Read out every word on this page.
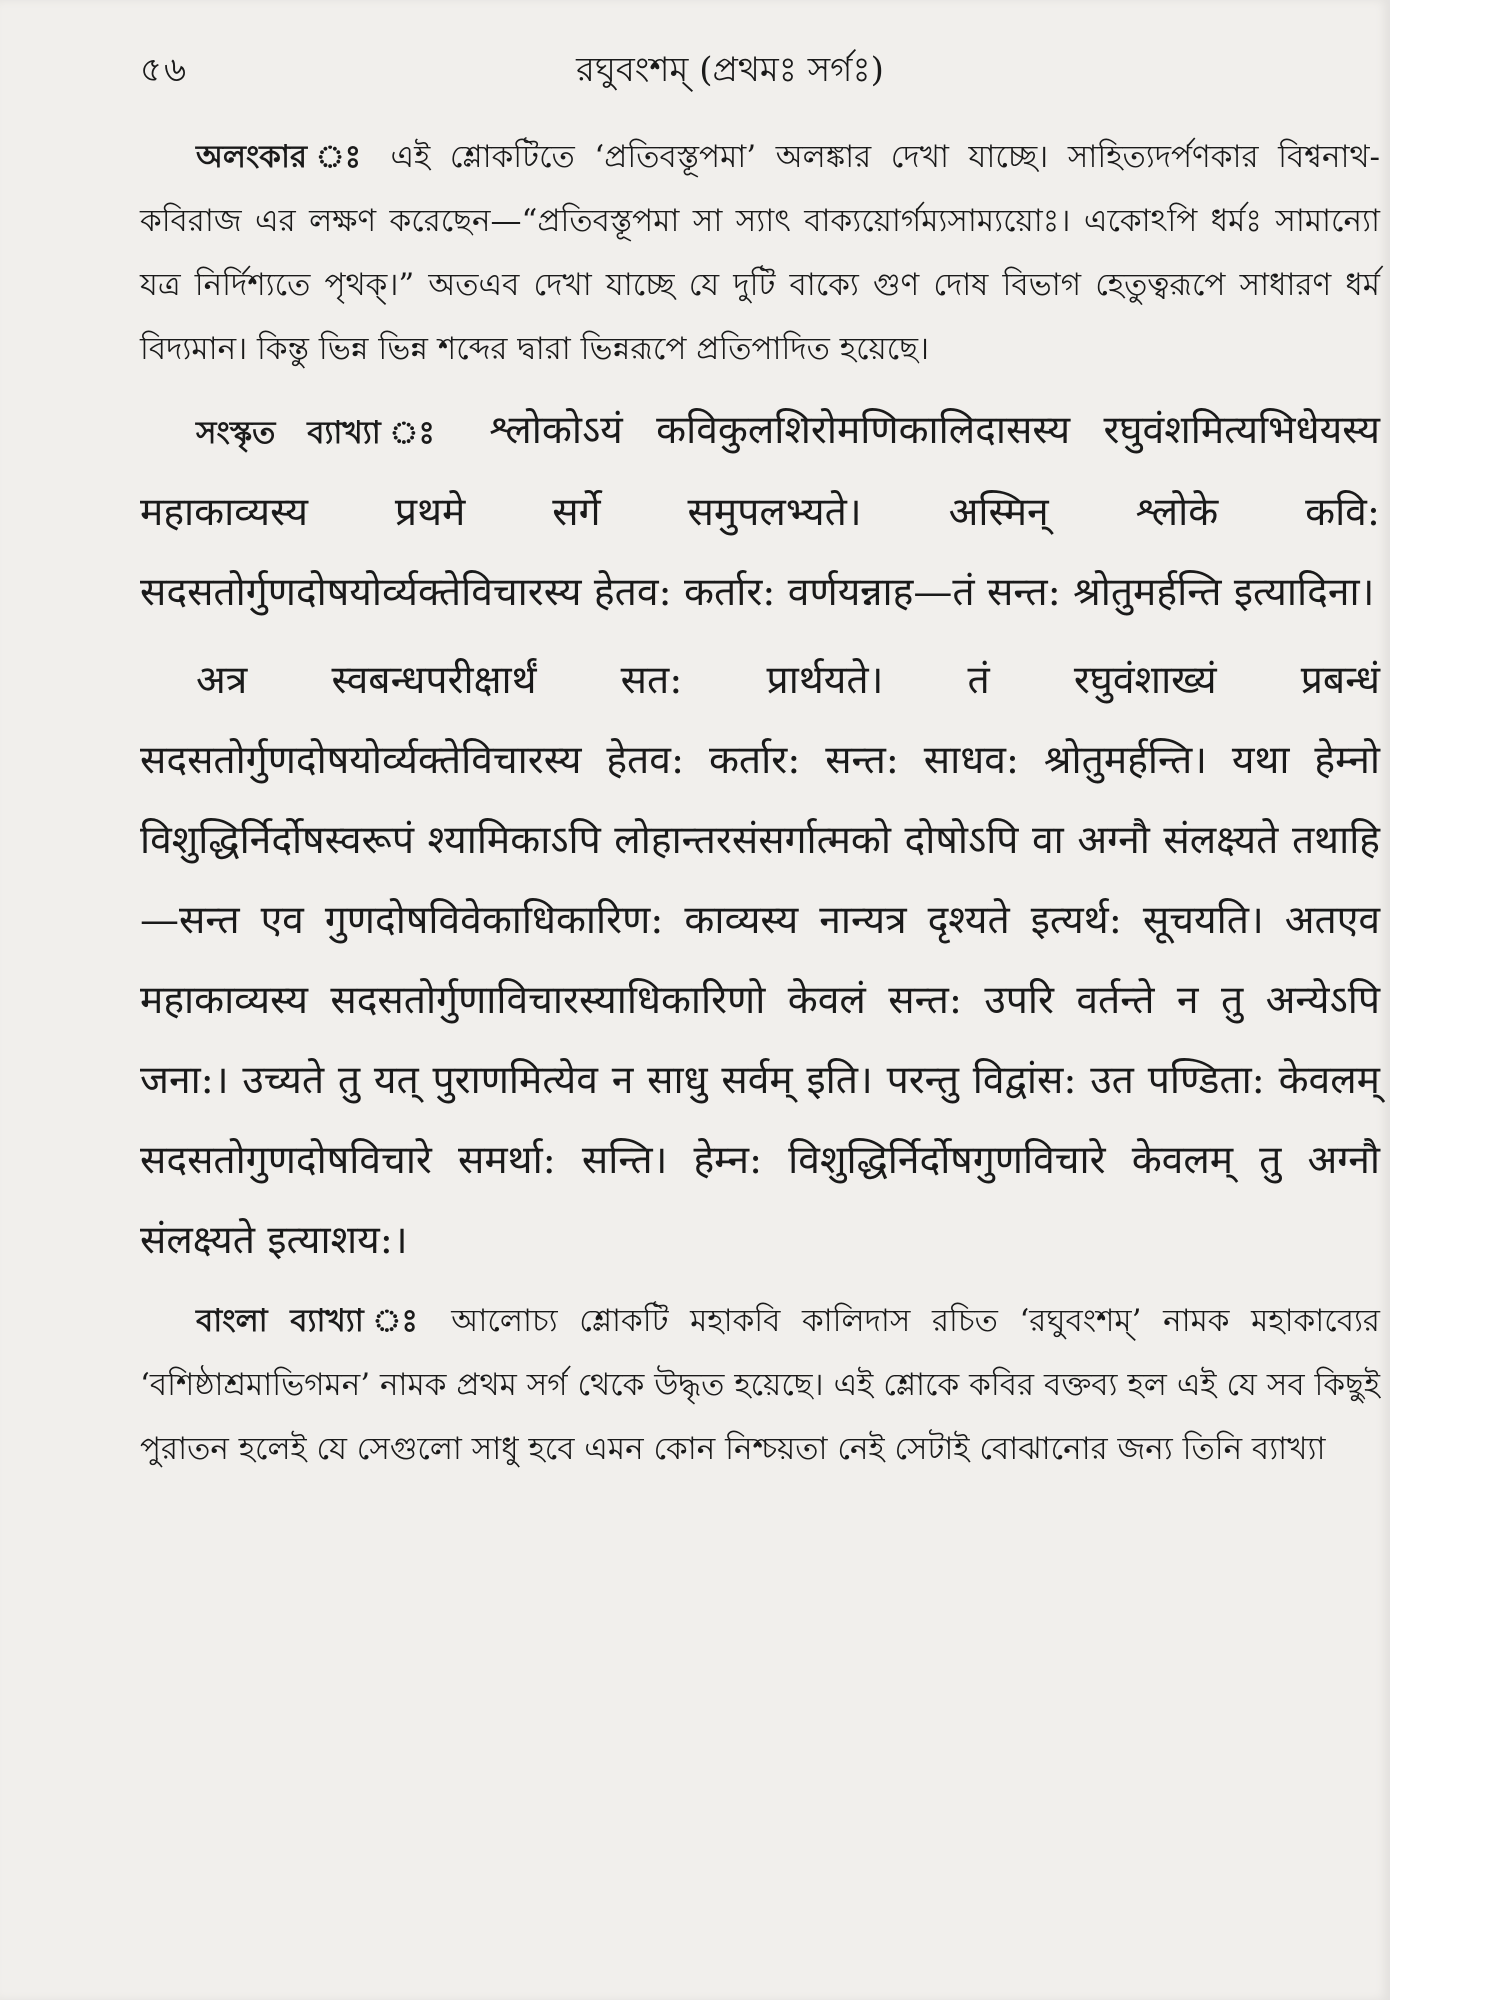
৫৬	রঘুবংশম্ (প্রথমঃ সর্গঃ)

অলংকার ঃ এই শ্লোকটিতে ‘প্রতিবস্তূপমা’ অলঙ্কার দেখা যাচ্ছে। সাহিত্যদর্পণকার বিশ্বনাথ-কবিরাজ এর লক্ষণ করেছেন—“প্রতিবস্তূপমা সা স্যাৎ বাক্যয়োর্গম্যসাম্যয়োঃ। একোঽপি ধর্মঃ সামান্যো যত্র নির্দিশ্যতে পৃথক্।” অতএব দেখা যাচ্ছে যে দুটি বাক্যে গুণ দোষ বিভাগ হেতুত্বরূপে সাধারণ ধর্ম বিদ্যমান। কিন্তু ভিন্ন ভিন্ন শব্দের দ্বারা ভিন্নরূপে প্রতিপাদিত হয়েছে।

সংস্কৃত ব্যাখ্যা ঃ श्लोकोऽयं कविकुलशिरोमणिकालिदासस्य रघुवंशमित्यभिधेयस्य महाकाव्यस्य प्रथमे सर्गे समुपलभ्यते। अस्मिन् श्लोके कवि: सदसतोर्गुणदोषयोर्व्यक्तेविचारस्य हेतव: कर्तार: वर्णयन्नाह—तं सन्त: श्रोतुमर्हन्ति इत्यादिना।

अत्र स्वबन्धपरीक्षार्थं सत: प्रार्थयते। तं रघुवंशाख्यं प्रबन्धं सदसतोर्गुणदोषयोर्व्यक्तेविचारस्य हेतव: कर्तार: सन्त: साधव: श्रोतुमर्हन्ति। यथा हेम्नो विशुद्धिर्निर्दोषस्वरूपं श्यामिकाऽपि लोहान्तरसंसर्गात्मको दोषोऽपि वा अग्नौ संलक्ष्यते तथाहि—सन्त एव गुणदोषविवेकाधिकारिण: काव्यस्य नान्यत्र दृश्यते इत्यर्थ: सूचयति। अतएव महाकाव्यस्य सदसतोर्गुणाविचारस्याधिकारिणो केवलं सन्त: उपरि वर्तन्ते न तु अन्येऽपि जना:। उच्यते तु यत् पुराणमित्येव न साधु सर्वम् इति। परन्तु विद्वांस: उत पण्डिता: केवलम् सदसतोगुणदोषविचारे समर्था: सन्ति। हेम्न: विशुद्धिर्निर्दोषगुणविचारे केवलम् तु अग्नौ संलक्ष्यते इत्याशय:।

বাংলা ব্যাখ্যা ঃ আলোচ্য শ্লোকটি মহাকবি কালিদাস রচিত ‘রঘুবংশম্’ নামক মহাকাব্যের ‘বশিষ্ঠাশ্রমাভিগমন’ নামক প্রথম সর্গ থেকে উদ্ধৃত হয়েছে। এই শ্লোকে কবির বক্তব্য হল এই যে সব কিছুই পুরাতন হলেই যে সেগুলো সাধু হবে এমন কোন নিশ্চয়তা নেই সেটাই বোঝানোর জন্য তিনি ব্যাখ্যা
